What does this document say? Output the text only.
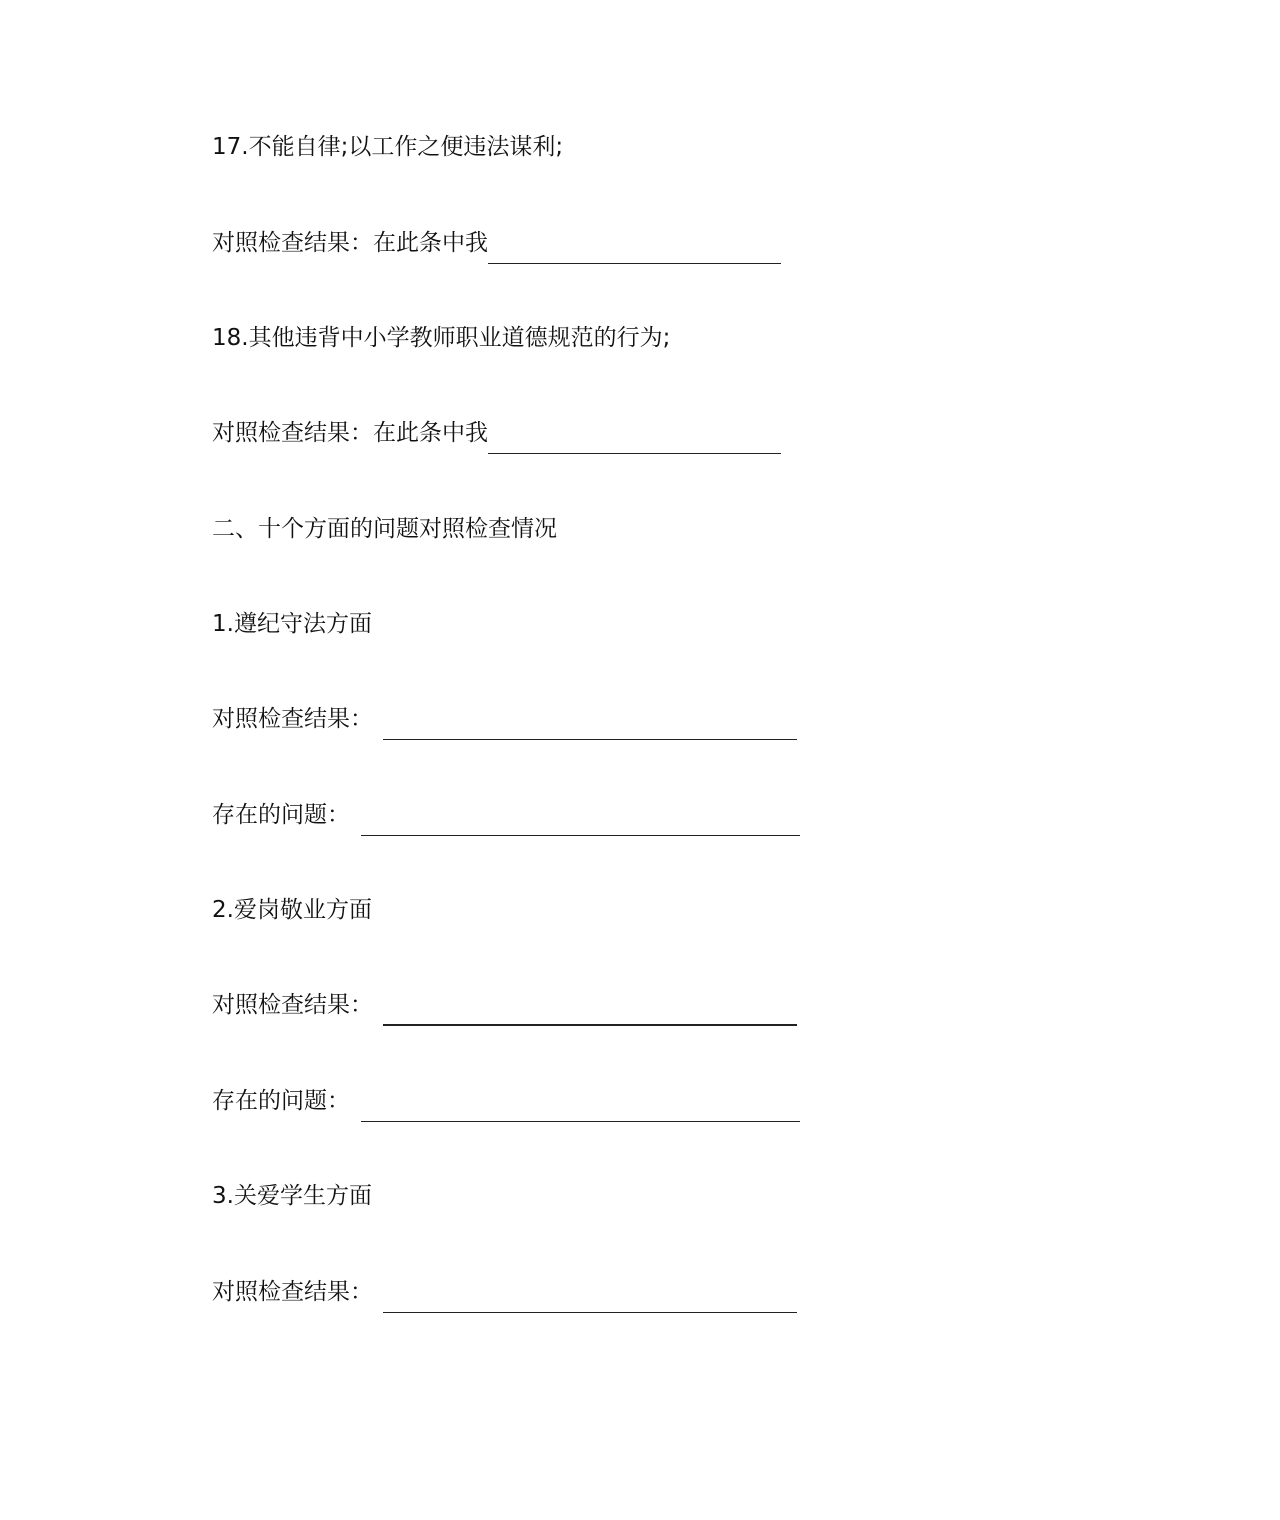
17.不能自律;以工作之便违法谋利;
对照检查结果：在此条中我
18.其他违背中小学教师职业道德规范的行为;
对照检查结果：在此条中我
二、十个方面的问题对照检查情况
1.遵纪守法方面
对照检查结果：
存在的问题：
2.爱岗敬业方面
对照检查结果：
存在的问题：
3.关爱学生方面
对照检查结果：
